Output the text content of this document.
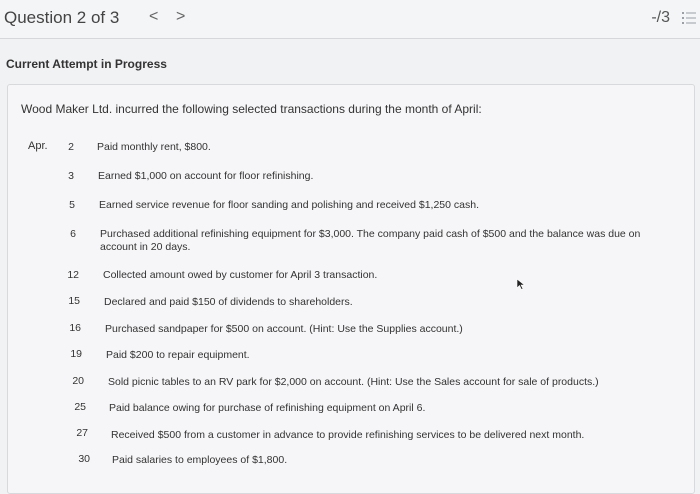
Question 2 of 3 < >	-/3
Current Attempt in Progress
Wood Maker Ltd. incurred the following selected transactions during the month of April:
Apr.	2 Paid monthly rent, $800.
3 Earned $1,000 on account for floor refinishing.
5 Earned service revenue for floor sanding and polishing and received $1,250 cash.
6 Purchased additional refinishing equipment for $3,000. The company paid cash of $500 and the balance was due on
account in 20 days.
12 Collected amount owed by customer for April 3 transaction.
15 Declared and paid $150 of dividends to shareholders.
16 Purchased sandpaper for $500 on account. (Hint: Use the Supplies account.)
19 Paid $200 to repair equipment.
20 Sold picnic tables to an RV park for $2,000 on account. (Hint: Use the Sales account for sale of products.)
25 Paid balance owing for purchase of refinishing equipment on April 6.
27 Received $500 from a customer in advance to provide refinishing services to be delivered next month.
30 Paid salaries to employees of $1,800.
